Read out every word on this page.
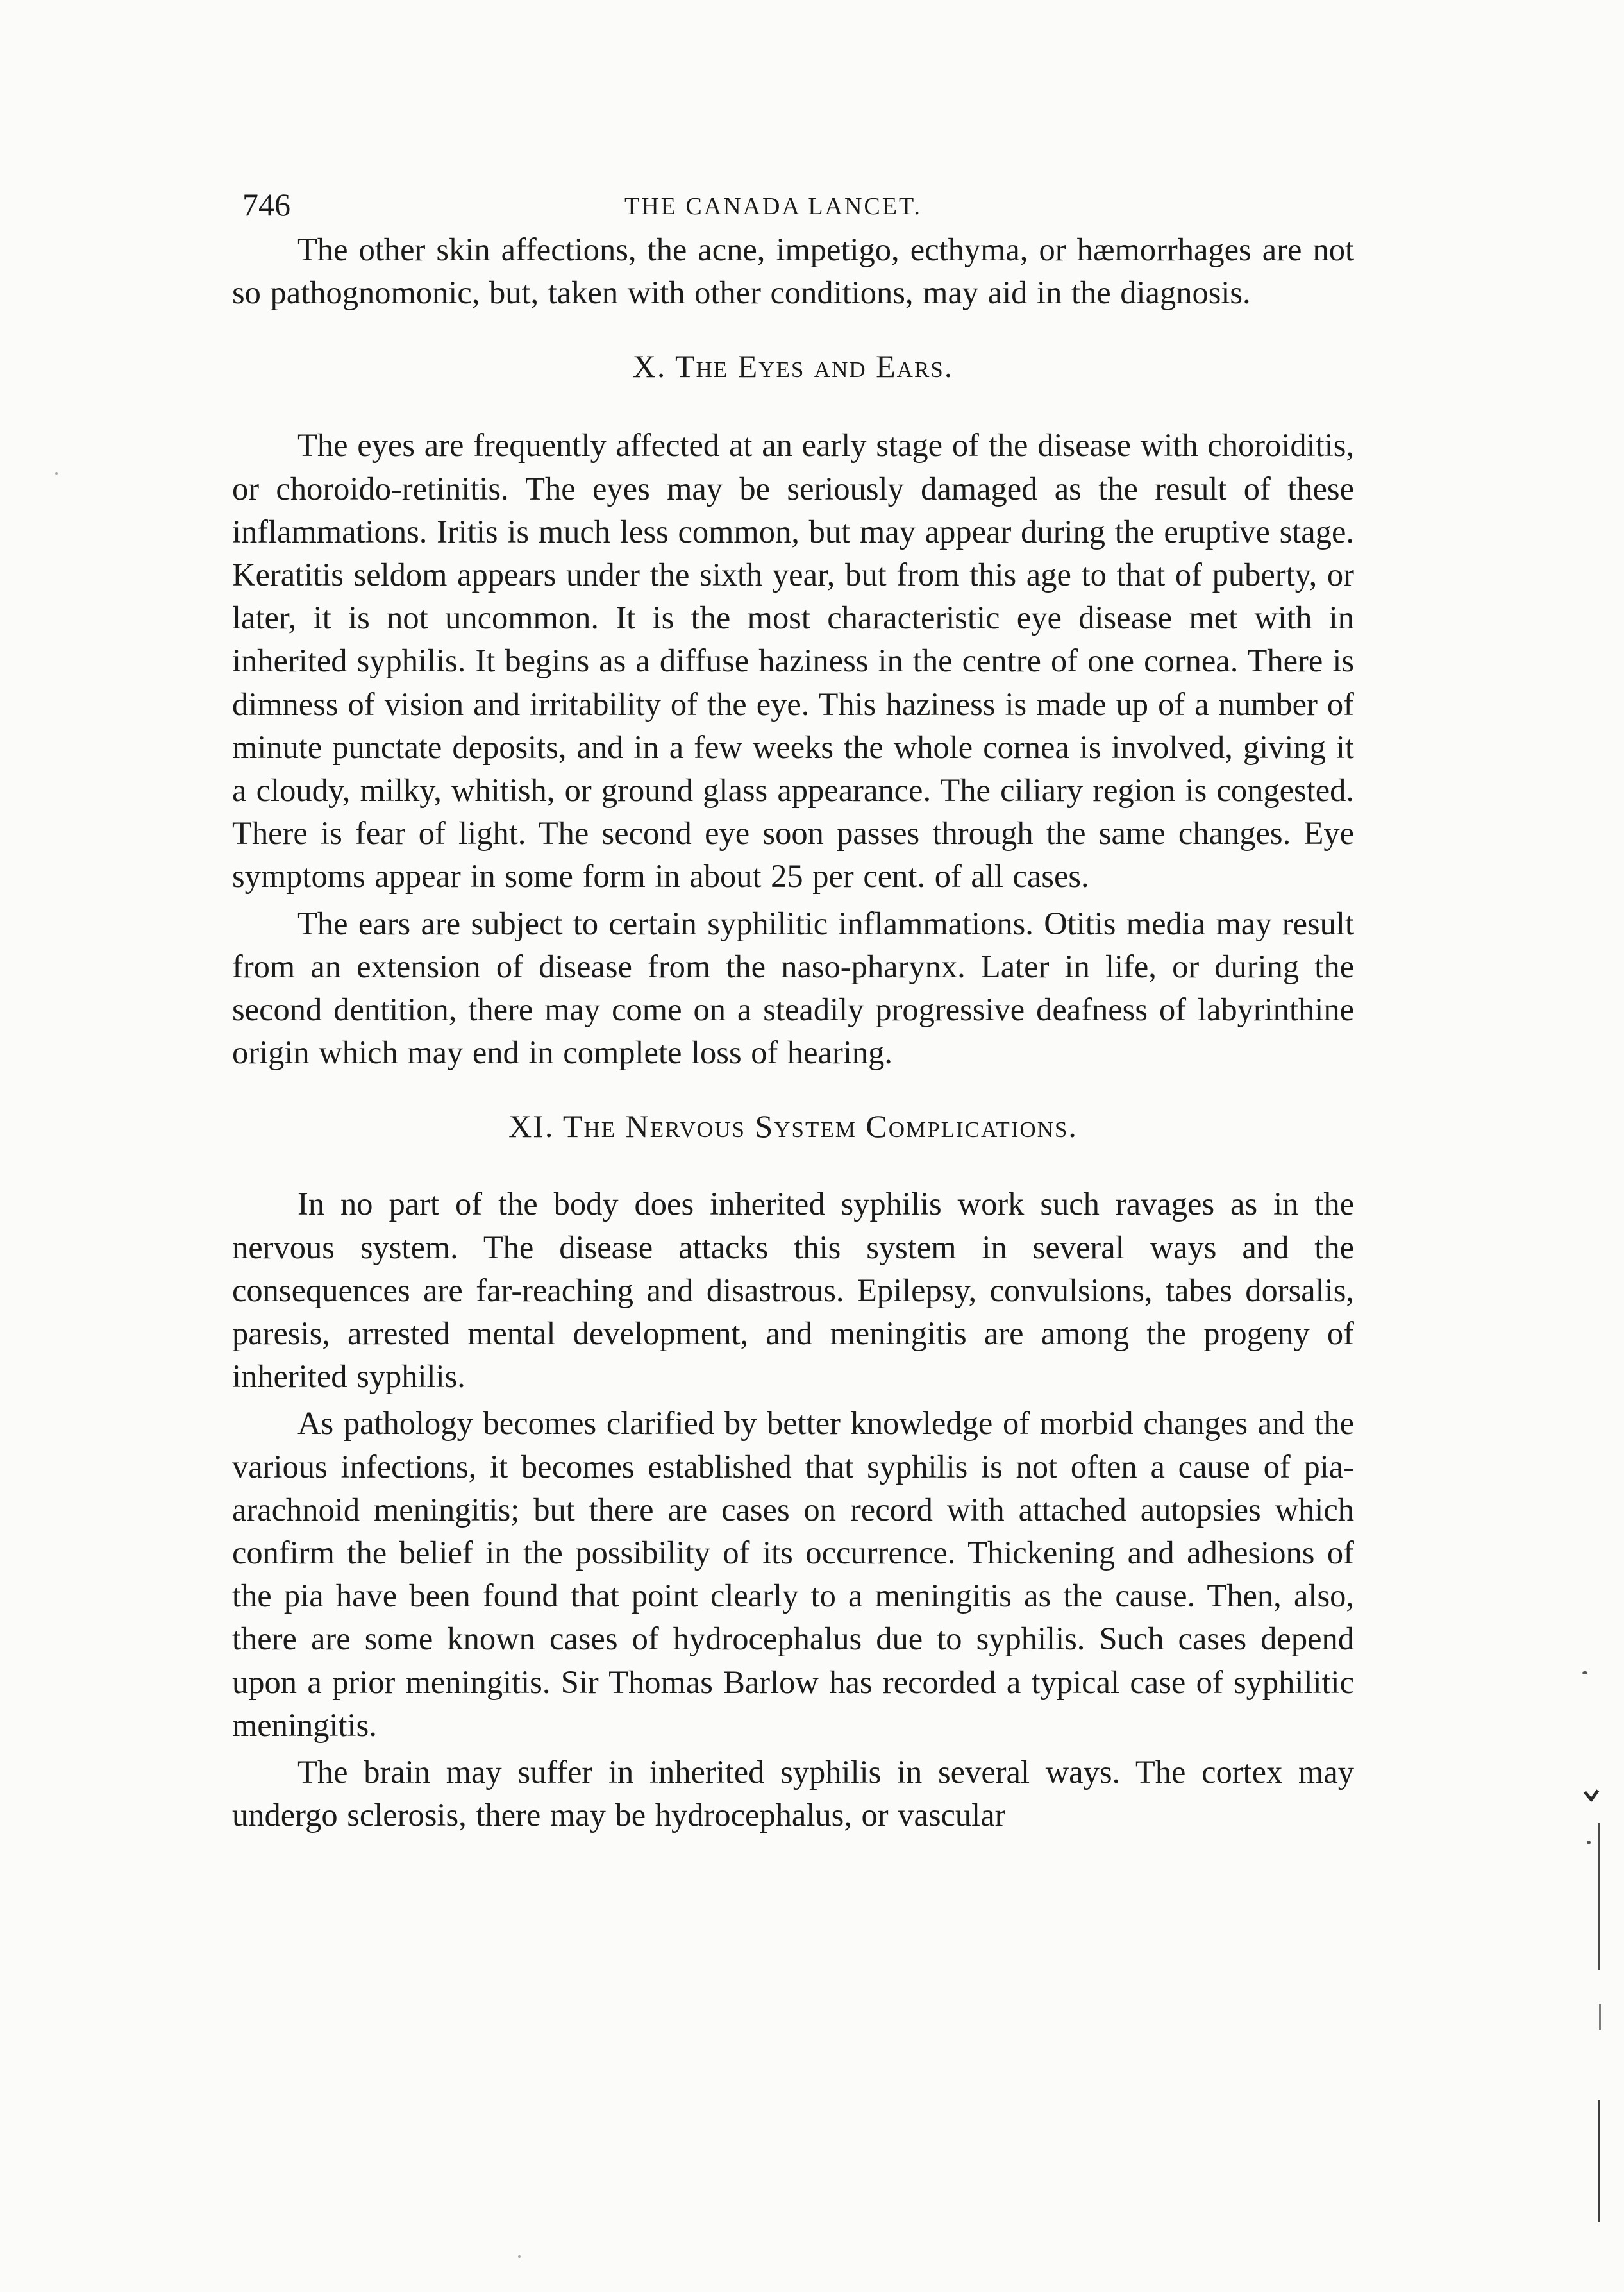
746	THE CANADA LANCET.

The other skin affections, the acne, impetigo, ecthyma, or hæmorrhages are not so pathognomonic, but, taken with other conditions, may aid in the diagnosis.

X. The Eyes and Ears.

The eyes are frequently affected at an early stage of the disease with choroiditis, or choroido-retinitis. The eyes may be seriously damaged as the result of these inflammations. Iritis is much less common, but may appear during the eruptive stage. Keratitis seldom appears under the sixth year, but from this age to that of puberty, or later, it is not uncommon. It is the most characteristic eye disease met with in inherited syphilis. It begins as a diffuse haziness in the centre of one cornea. There is dimness of vision and irritability of the eye. This haziness is made up of a number of minute punctate deposits, and in a few weeks the whole cornea is involved, giving it a cloudy, milky, whitish, or ground glass appearance. The ciliary region is congested. There is fear of light. The second eye soon passes through the same changes. Eye symptoms appear in some form in about 25 per cent. of all cases.

The ears are subject to certain syphilitic inflammations. Otitis media may result from an extension of disease from the naso-pharynx. Later in life, or during the second dentition, there may come on a steadily progressive deafness of labyrinthine origin which may end in complete loss of hearing.

XI. The Nervous System Complications.

In no part of the body does inherited syphilis work such ravages as in the nervous system. The disease attacks this system in several ways and the consequences are far-reaching and disastrous. Epilepsy, convulsions, tabes dorsalis, paresis, arrested mental development, and meningitis are among the progeny of inherited syphilis.

As pathology becomes clarified by better knowledge of morbid changes and the various infections, it becomes established that syphilis is not often a cause of pia-arachnoid meningitis; but there are cases on record with attached autopsies which confirm the belief in the possibility of its occurrence. Thickening and adhesions of the pia have been found that point clearly to a meningitis as the cause. Then, also, there are some known cases of hydrocephalus due to syphilis. Such cases depend upon a prior meningitis. Sir Thomas Barlow has recorded a typical case of syphilitic meningitis.

The brain may suffer in inherited syphilis in several ways. The cortex may undergo sclerosis, there may be hydrocephalus, or vascular
